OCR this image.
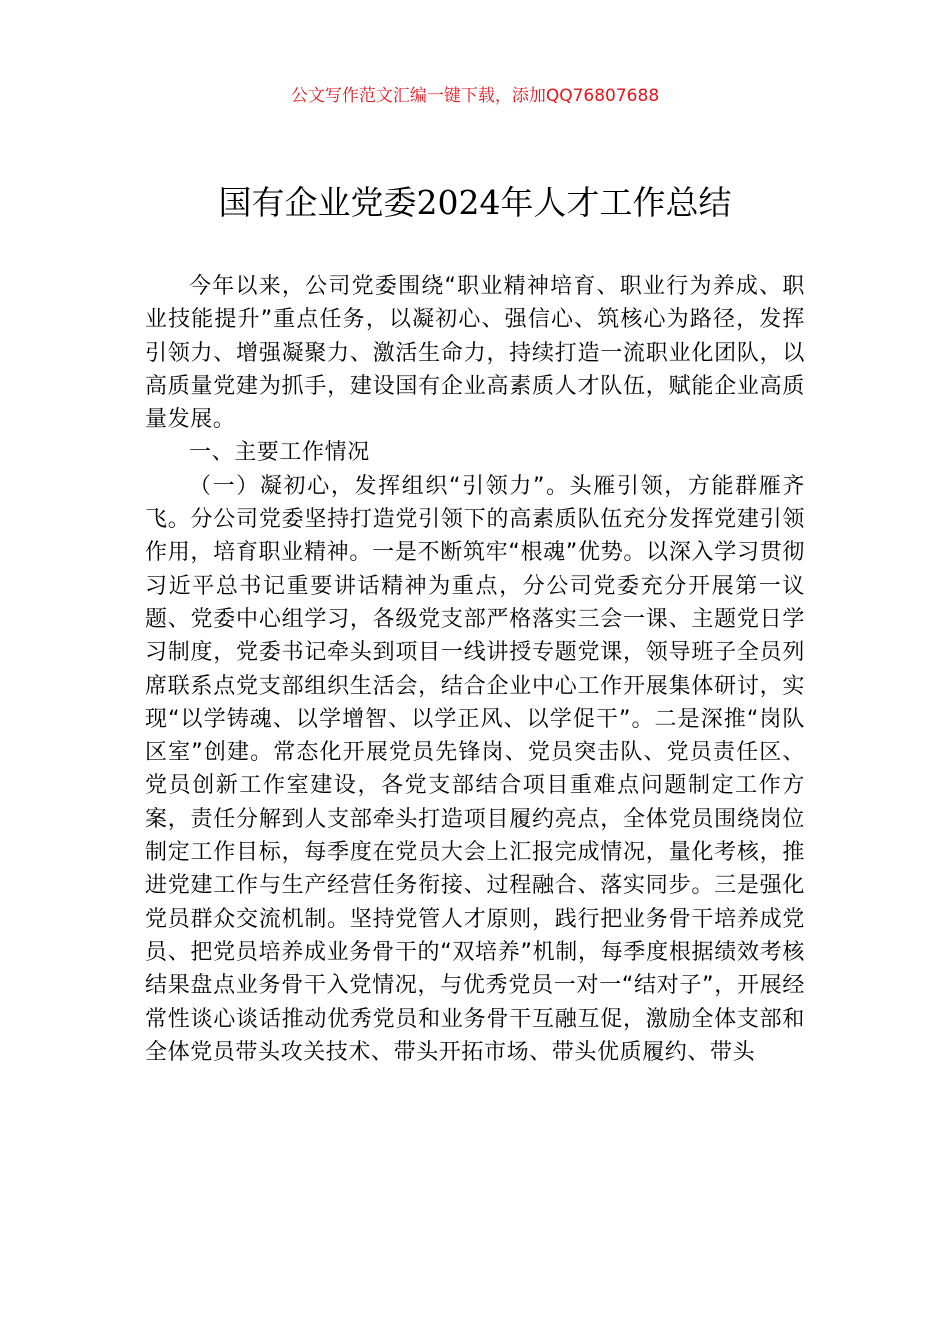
公文写作范文汇编一键下载，添加QQ76807688
国有企业党委2024年人才工作总结

今年以来，公司党委围绕“职业精神培育、职业行为养成、职业技能提升”重点任务，以凝初心、强信心、筑核心为路径，发挥引领力、增强凝聚力、激活生命力，持续打造一流职业化团队，以高质量党建为抓手，建设国有企业高素质人才队伍，赋能企业高质量发展。

一、主要工作情况

（一）凝初心，发挥组织“引领力”。头雁引领，方能群雁齐飞。分公司党委坚持打造党引领下的高素质队伍充分发挥党建引领作用，培育职业精神。一是不断筑牢“根魂”优势。以深入学习贯彻习近平总书记重要讲话精神为重点，分公司党委充分开展第一议题、党委中心组学习，各级党支部严格落实三会一课、主题党日学习制度，党委书记牵头到项目一线讲授专题党课，领导班子全员列席联系点党支部组织生活会，结合企业中心工作开展集体研讨，实现“以学铸魂、以学增智、以学正风、以学促干”。二是深推“岗队区室”创建。常态化开展党员先锋岗、党员突击队、党员责任区、党员创新工作室建设，各党支部结合项目重难点问题制定工作方案，责任分解到人支部牵头打造项目履约亮点，全体党员围绕岗位制定工作目标，每季度在党员大会上汇报完成情况，量化考核，推进党建工作与生产经营任务衔接、过程融合、落实同步。三是强化党员群众交流机制。坚持党管人才原则，践行把业务骨干培养成党员、把党员培养成业务骨干的“双培养”机制，每季度根据绩效考核结果盘点业务骨干入党情况，与优秀党员一对一“结对子”，开展经常性谈心谈话推动优秀党员和业务骨干互融互促，激励全体支部和全体党员带头攻关技术、带头开拓市场、带头优质履约、带头
